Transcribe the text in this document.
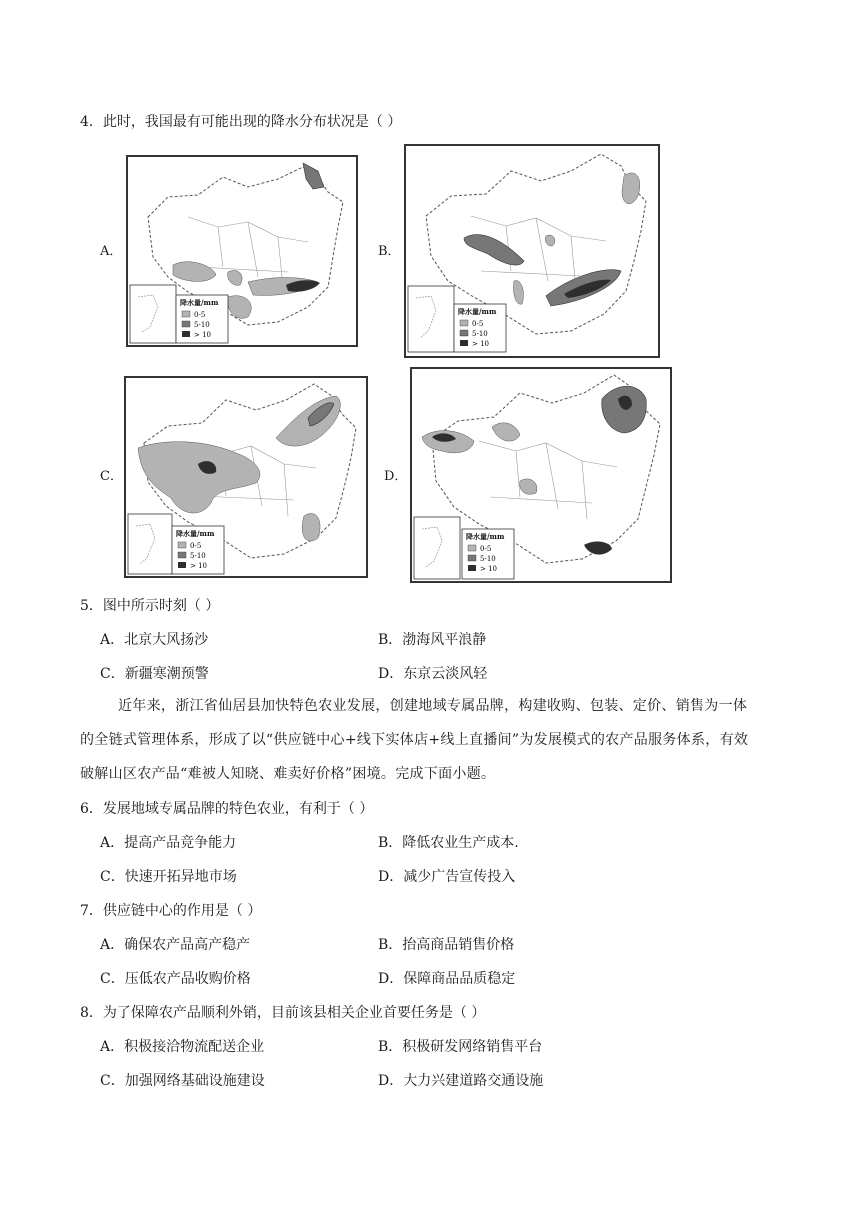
4．此时，我国最有可能出现的降水分布状况是（ ）
A．
降水量/mm
0-5
5-10
> 10
B．
降水量/mm
0-5
5-10
> 10
C．
降水量/mm
0-5
5-10
> 10
D．
降水量/mm
0-5
5-10
> 10
5．图中所示时刻（ ）
A．北京大风扬沙	B．渤海风平浪静
C．新疆寒潮预警	D．东京云淡风轻
近年来，浙江省仙居县加快特色农业发展，创建地域专属品牌，构建收购、包装、定价、销售为一体
的全链式管理体系，形成了以“供应链中心+线下实体店+线上直播间”为发展模式的农产品服务体系，有效
破解山区农产品“难被人知晓、难卖好价格”困境。完成下面小题。
6．发展地域专属品牌的特色农业，有利于（ ）
A．提高产品竞争能力	B．降低农业生产成本.
C．快速开拓异地市场	D．减少广告宣传投入
7．供应链中心的作用是（ ）
A．确保农产品高产稳产	B．抬高商品销售价格
C．压低农产品收购价格	D．保障商品品质稳定
8．为了保障农产品顺利外销，目前该县相关企业首要任务是（ ）
A．积极接洽物流配送企业	B．积极研发网络销售平台
C．加强网络基础设施建设	D．大力兴建道路交通设施
